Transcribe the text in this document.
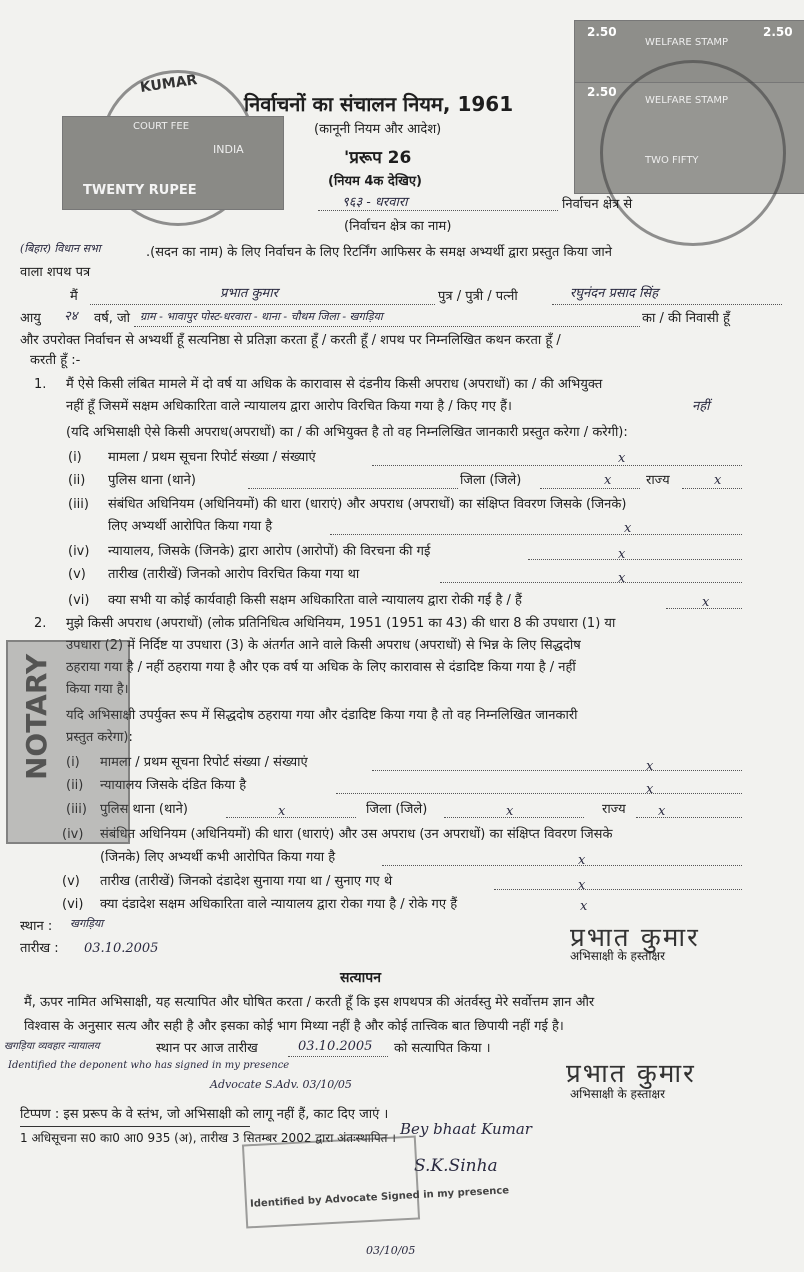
KUMAR
COURT FEE
INDIA
TWENTY RUPEE
WELFARE STAMP
2.50	2.50
WELFARE STAMP
2.50
TWO FIFTY
निर्वाचनों का संचालन नियम, 1961
(कानूनी नियम और आदेश)
'प्ररूप 26
(नियम 4क देखिए)
९६३ - धरवारा	निर्वाचन क्षेत्र से
(निर्वाचन क्षेत्र का नाम)
(बिहार) विधान सभा	.(सदन का नाम) के लिए निर्वाचन के लिए रिटर्निंग आफिसर के समक्ष अभ्यर्थी द्वारा प्रस्तुत किया जाने
वाला शपथ पत्र
मैं	प्रभात कुमार	पुत्र / पुत्री / पत्नी	रघुनंदन प्रसाद सिंह
आयु २४ वर्ष, जो ग्राम - भावापुर पोस्ट-धरवारा - थाना - चौथम जिला - खगड़िया	का / की निवासी हूँ
और उपरोक्त निर्वाचन से अभ्यर्थी हूँ सत्यनिष्ठा से प्रतिज्ञा करता हूँ / करती हूँ / शपथ पर निम्नलिखित कथन करता हूँ /
करती हूँ :-
1. मैं ऐसे किसी लंबित मामले में दो वर्ष या अधिक के कारावास से दंडनीय किसी अपराध (अपराधों) का / की अभियुक्त
नहीं हूँ जिसमें सक्षम अधिकारिता वाले न्यायालय द्वारा आरोप विरचित किया गया है / किए गए हैं।	नहीं
(यदि अभिसाक्षी ऐसे किसी अपराध(अपराधों) का / की अभियुक्त है तो वह निम्नलिखित जानकारी प्रस्तुत करेगा / करेगी):
(i) मामला / प्रथम सूचना रिपोर्ट संख्या / संख्याएं	x
(ii) पुलिस थाना (थाने)	जिला (जिले)	x	राज्य	x
(iii) संबंधित अधिनियम (अधिनियमों) की धारा (धाराएं) और अपराध (अपराधों) का संक्षिप्त विवरण जिसके (जिनके)
लिए अभ्यर्थी आरोपित किया गया है	x
(iv) न्यायालय, जिसके (जिनके) द्वारा आरोप (आरोपों) की विरचना की गई	x
(v) तारीख (तारीखें) जिनको आरोप विरचित किया गया था	x
(vi) क्या सभी या कोई कार्यवाही किसी सक्षम अधिकारिता वाले न्यायालय द्वारा रोकी गई है / हैं	x
2. मुझे किसी अपराध (अपराधों) (लोक प्रतिनिधित्व अधिनियम, 1951 (1951 का 43) की धारा 8 की उपधारा (1) या
उपधारा (2) में निर्दिष्ट या उपधारा (3) के अंतर्गत आने वाले किसी अपराध (अपराधों) से भिन्न के लिए सिद्धदोष
ठहराया गया है / नहीं ठहराया गया है और एक वर्ष या अधिक के लिए कारावास से दंडादिष्ट किया गया है / नहीं
किया गया है।
यदि अभिसाक्षी उपर्युक्त रूप में सिद्धदोष ठहराया गया और दंडादिष्ट किया गया है तो वह निम्नलिखित जानकारी
प्रस्तुत करेगा):
(i) मामला / प्रथम सूचना रिपोर्ट संख्या / संख्याएं	x
(ii) न्यायालय जिसके दंडित किया है	x
(iii) पुलिस थाना (थाने)	x	जिला (जिले)	x	राज्य x
(iv) संबंधित अधिनियम (अधिनियमों) की धारा (धाराएं) और उस अपराध (उन अपराधों) का संक्षिप्त विवरण जिसके
(जिनके) लिए अभ्यर्थी कभी आरोपित किया गया है	x
(v) तारीख (तारीखें) जिनको दंडादेश सुनाया गया था / सुनाए गए थे	x
(vi) क्या दंडादेश सक्षम अधिकारिता वाले न्यायालय द्वारा रोका गया है / रोके गए हैं	x
स्थान : खगड़िया
तारीख : 03.10.2005	प्रभात कुमार
अभिसाक्षी के हस्ताक्षर
सत्यापन
मैं, ऊपर नामित अभिसाक्षी, यह सत्यापित और घोषित करता / करती हूँ कि इस शपथपत्र की अंतर्वस्तु मेरे सर्वोत्तम ज्ञान और
विश्वास के अनुसार सत्य और सही है और इसका कोई भाग मिथ्या नहीं है और कोई तात्त्विक बात छिपायी नहीं गई है।
खगड़िया व्यवहार न्यायालय	स्थान पर आज तारीख	03.10.2005 को सत्यापित किया ।
Identified the deponent who has signed in my presence
Advocate S.Adv. 03/10/05	प्रभात कुमार
अभिसाक्षी के हस्ताक्षर
टिप्पण : इस प्ररूप के वे स्तंभ, जो अभिसाक्षी को लागू नहीं हैं, काट दिए जाएं ।
1 अधिसूचना स0 का0 आ0 935 (अ), तारीख 3 सितम्बर 2002 द्वारा अंतःस्थापित । Bey bhaat Kumar
S.K.Sinha
Identified by Advocate Signed in my presence
03/10/05
NOTARY
